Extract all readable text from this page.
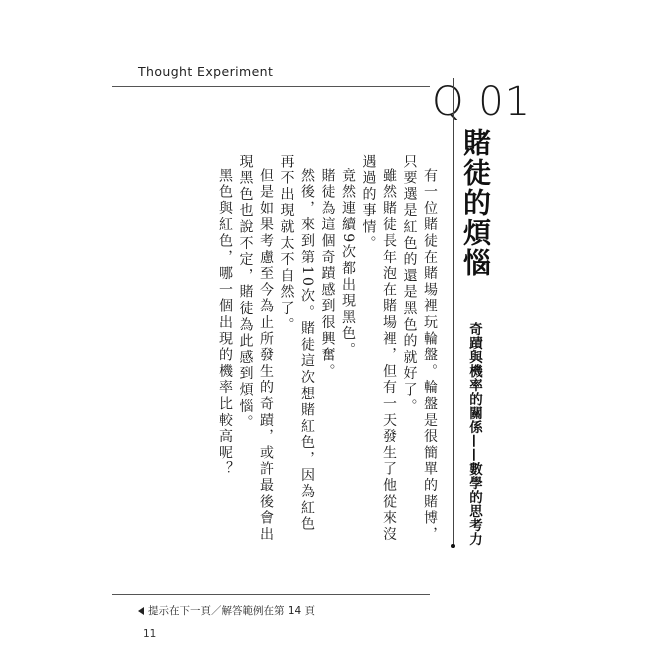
Thought Experiment
Q 01
賭徒的煩惱
奇蹟與機率的關係——數學的思考力

有一位賭徒在賭場裡玩輪盤。輪盤是很簡單的賭博，只要選是紅色的還是黑色的就好了。

雖然賭徒長年泡在賭場裡，但有一天發生了他從來沒遇過的事情。

竟然連續9次都出現黑色。

賭徒為這個奇蹟感到很興奮。

然後，來到第10次。賭徒這次想賭紅色，因為紅色再不出現就太不自然了。

但是如果考慮至今為止所發生的奇蹟，或許最後會出現黑色也說不定，賭徒為此感到煩惱。

黑色與紅色，哪一個出現的機率比較高呢？

提示在下一頁／解答範例在第 14 頁
11
